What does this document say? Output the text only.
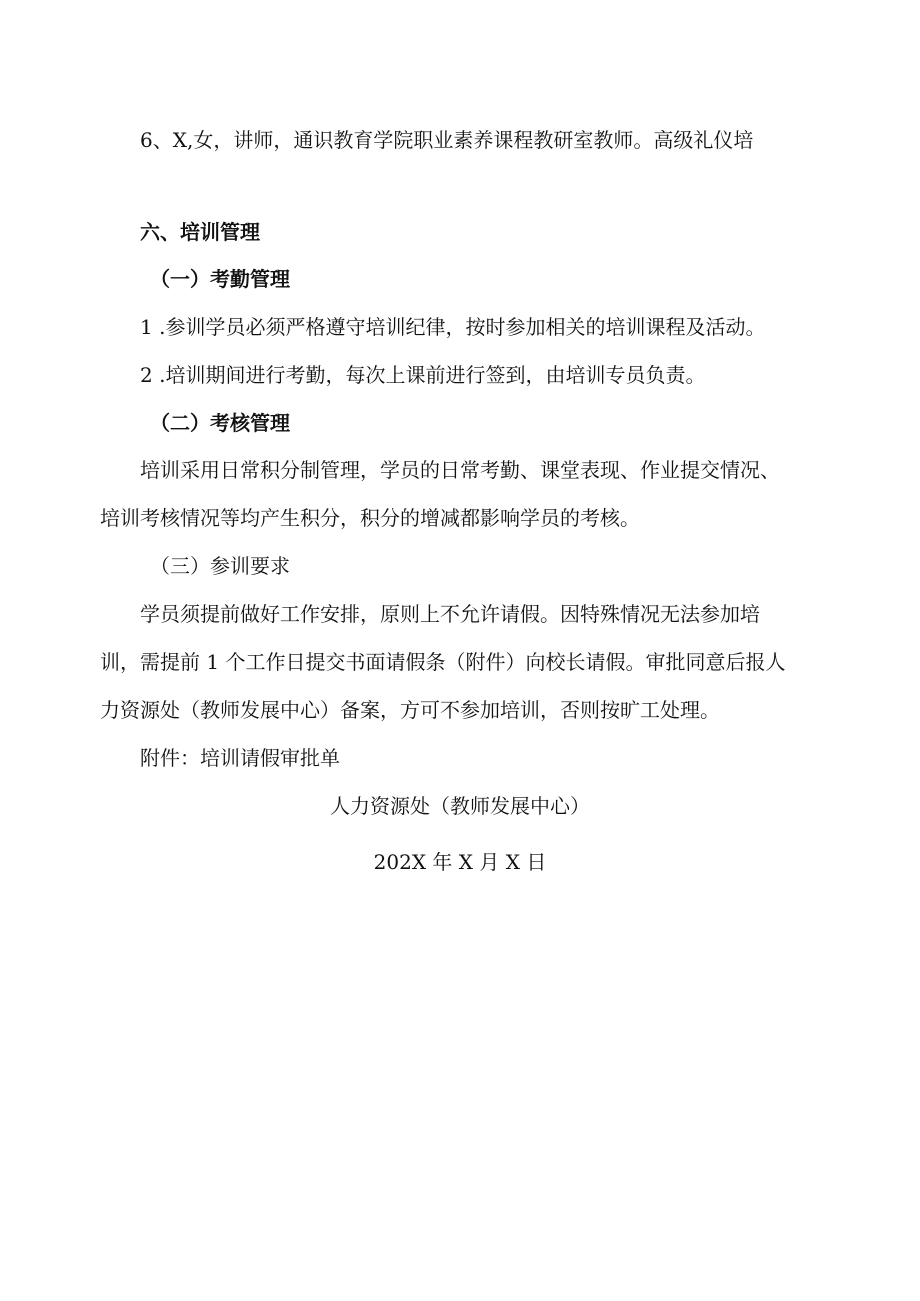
6、X,女，讲师，通识教育学院职业素养课程教研室教师。高级礼仪培
六、培训管理
（一）考勤管理
1 .参训学员必须严格遵守培训纪律，按时参加相关的培训课程及活动。
2 .培训期间进行考勤，每次上课前进行签到，由培训专员负责。
（二）考核管理
培训采用日常积分制管理，学员的日常考勤、课堂表现、作业提交情况、
培训考核情况等均产生积分，积分的增减都影响学员的考核。
（三）参训要求
学员须提前做好工作安排，原则上不允许请假。因特殊情况无法参加培
训，需提前 1 个工作日提交书面请假条（附件）向校长请假。审批同意后报人
力资源处（教师发展中心）备案，方可不参加培训，否则按旷工处理。
附件：培训请假审批单
人力资源处（教师发展中心）
202X 年 X 月 X 日
